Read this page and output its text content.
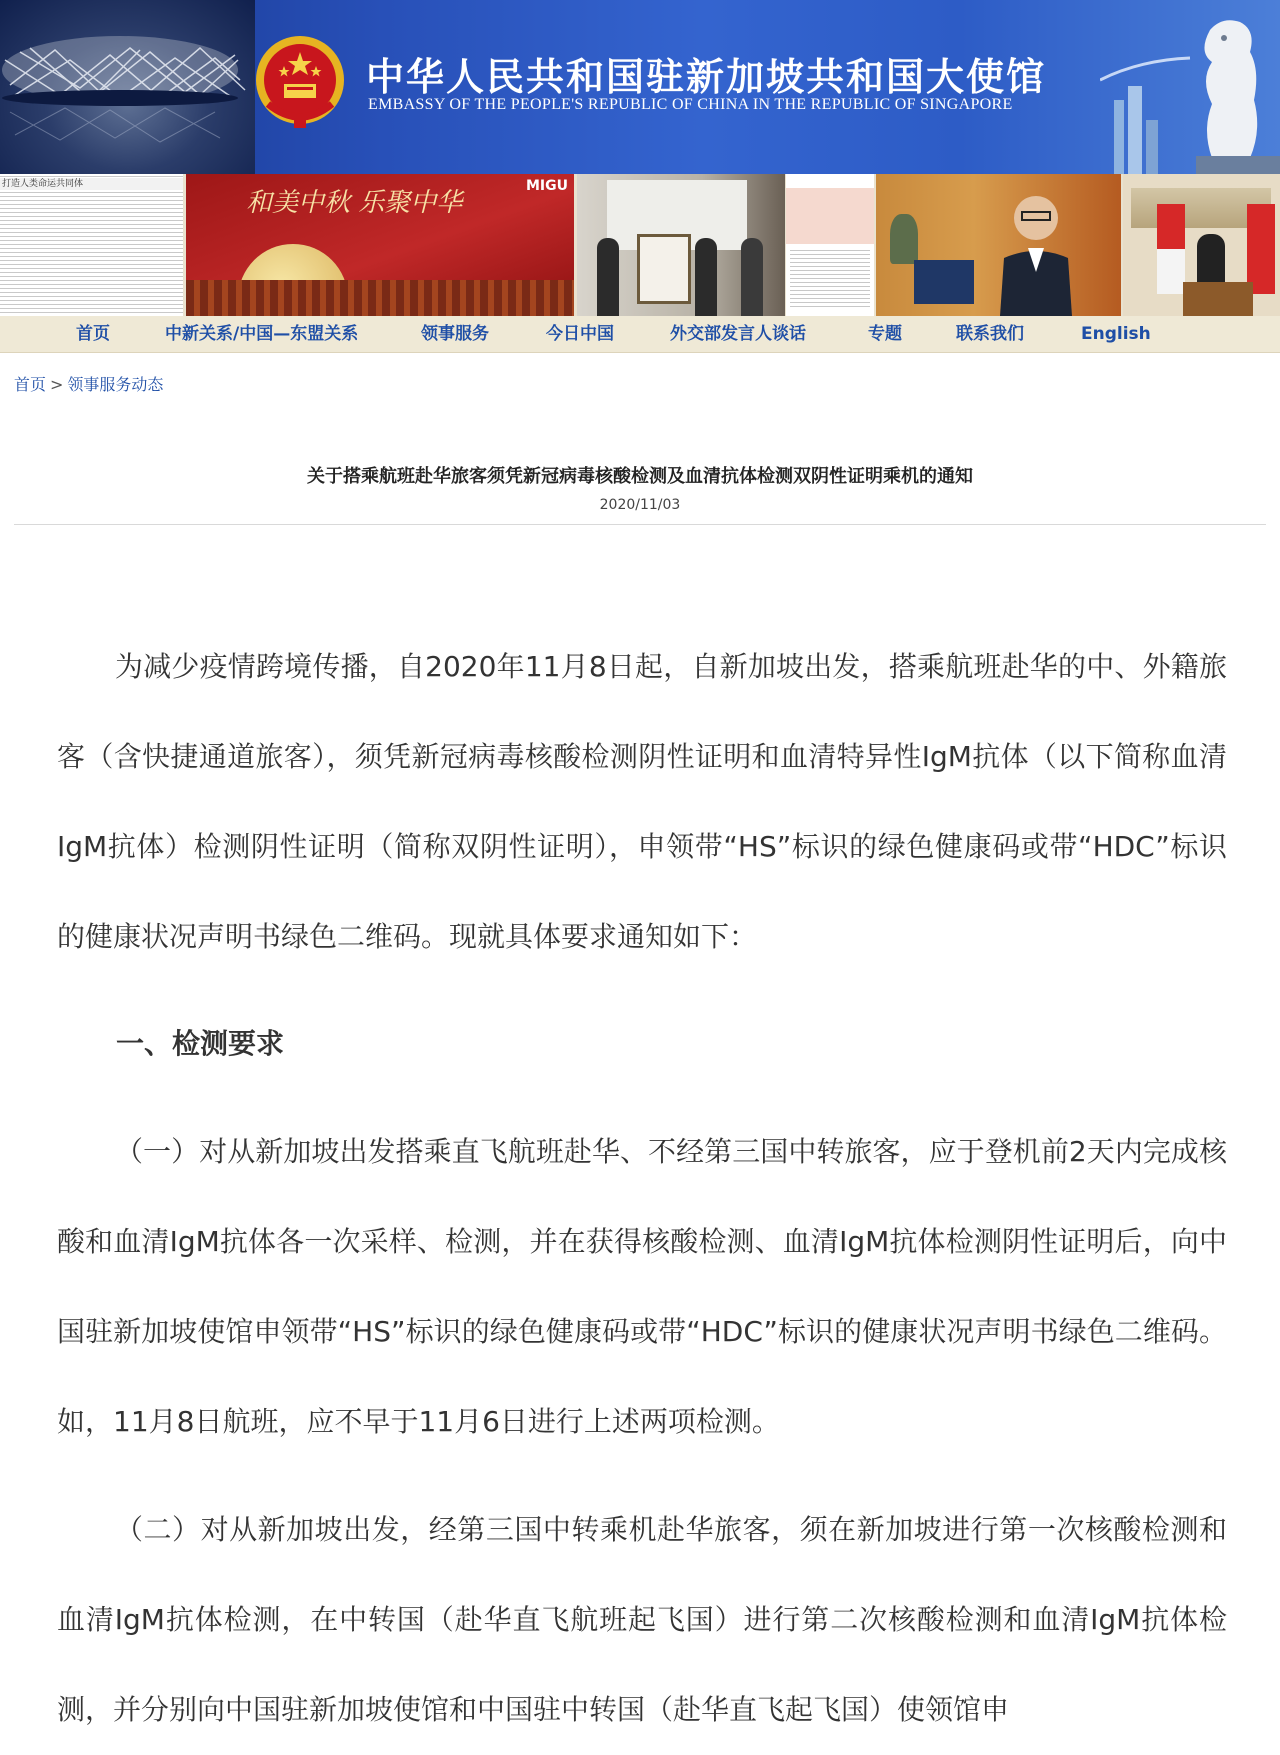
中华人民共和国驻新加坡共和国大使馆
EMBASSY OF THE PEOPLE'S REPUBLIC OF CHINA IN THE REPUBLIC OF SINGAPORE
打造人类命运共同体
和美中秋 乐聚中华
MIGU
首页	中新关系/中国—东盟关系	领事服务	今日中国	外交部发言人谈话	专题	联系我们	English
首页 > 领事服务动态
关于搭乘航班赴华旅客须凭新冠病毒核酸检测及血清抗体检测双阴性证明乘机的通知
2020/11/03

为减少疫情跨境传播，自2020年11月8日起，自新加坡出发，搭乘航班赴华的中、外籍旅客（含快捷通道旅客），须凭新冠病毒核酸检测阴性证明和血清特异性IgM抗体（以下简称血清IgM抗体）检测阴性证明（简称双阴性证明），申领带“HS”标识的绿色健康码或带“HDC”标识的健康状况声明书绿色二维码。现就具体要求通知如下：

一、检测要求

（一）对从新加坡出发搭乘直飞航班赴华、不经第三国中转旅客，应于登机前2天内完成核酸和血清IgM抗体各一次采样、检测，并在获得核酸检测、血清IgM抗体检测阴性证明后，向中国驻新加坡使馆申领带“HS”标识的绿色健康码或带“HDC”标识的健康状况声明书绿色二维码。如，11月8日航班，应不早于11月6日进行上述两项检测。

（二）对从新加坡出发，经第三国中转乘机赴华旅客，须在新加坡进行第一次核酸检测和血清IgM抗体检测，在中转国（赴华直飞航班起飞国）进行第二次核酸检测和血清IgM抗体检测，并分别向中国驻新加坡使馆和中国驻中转国（赴华直飞起飞国）使领馆申
